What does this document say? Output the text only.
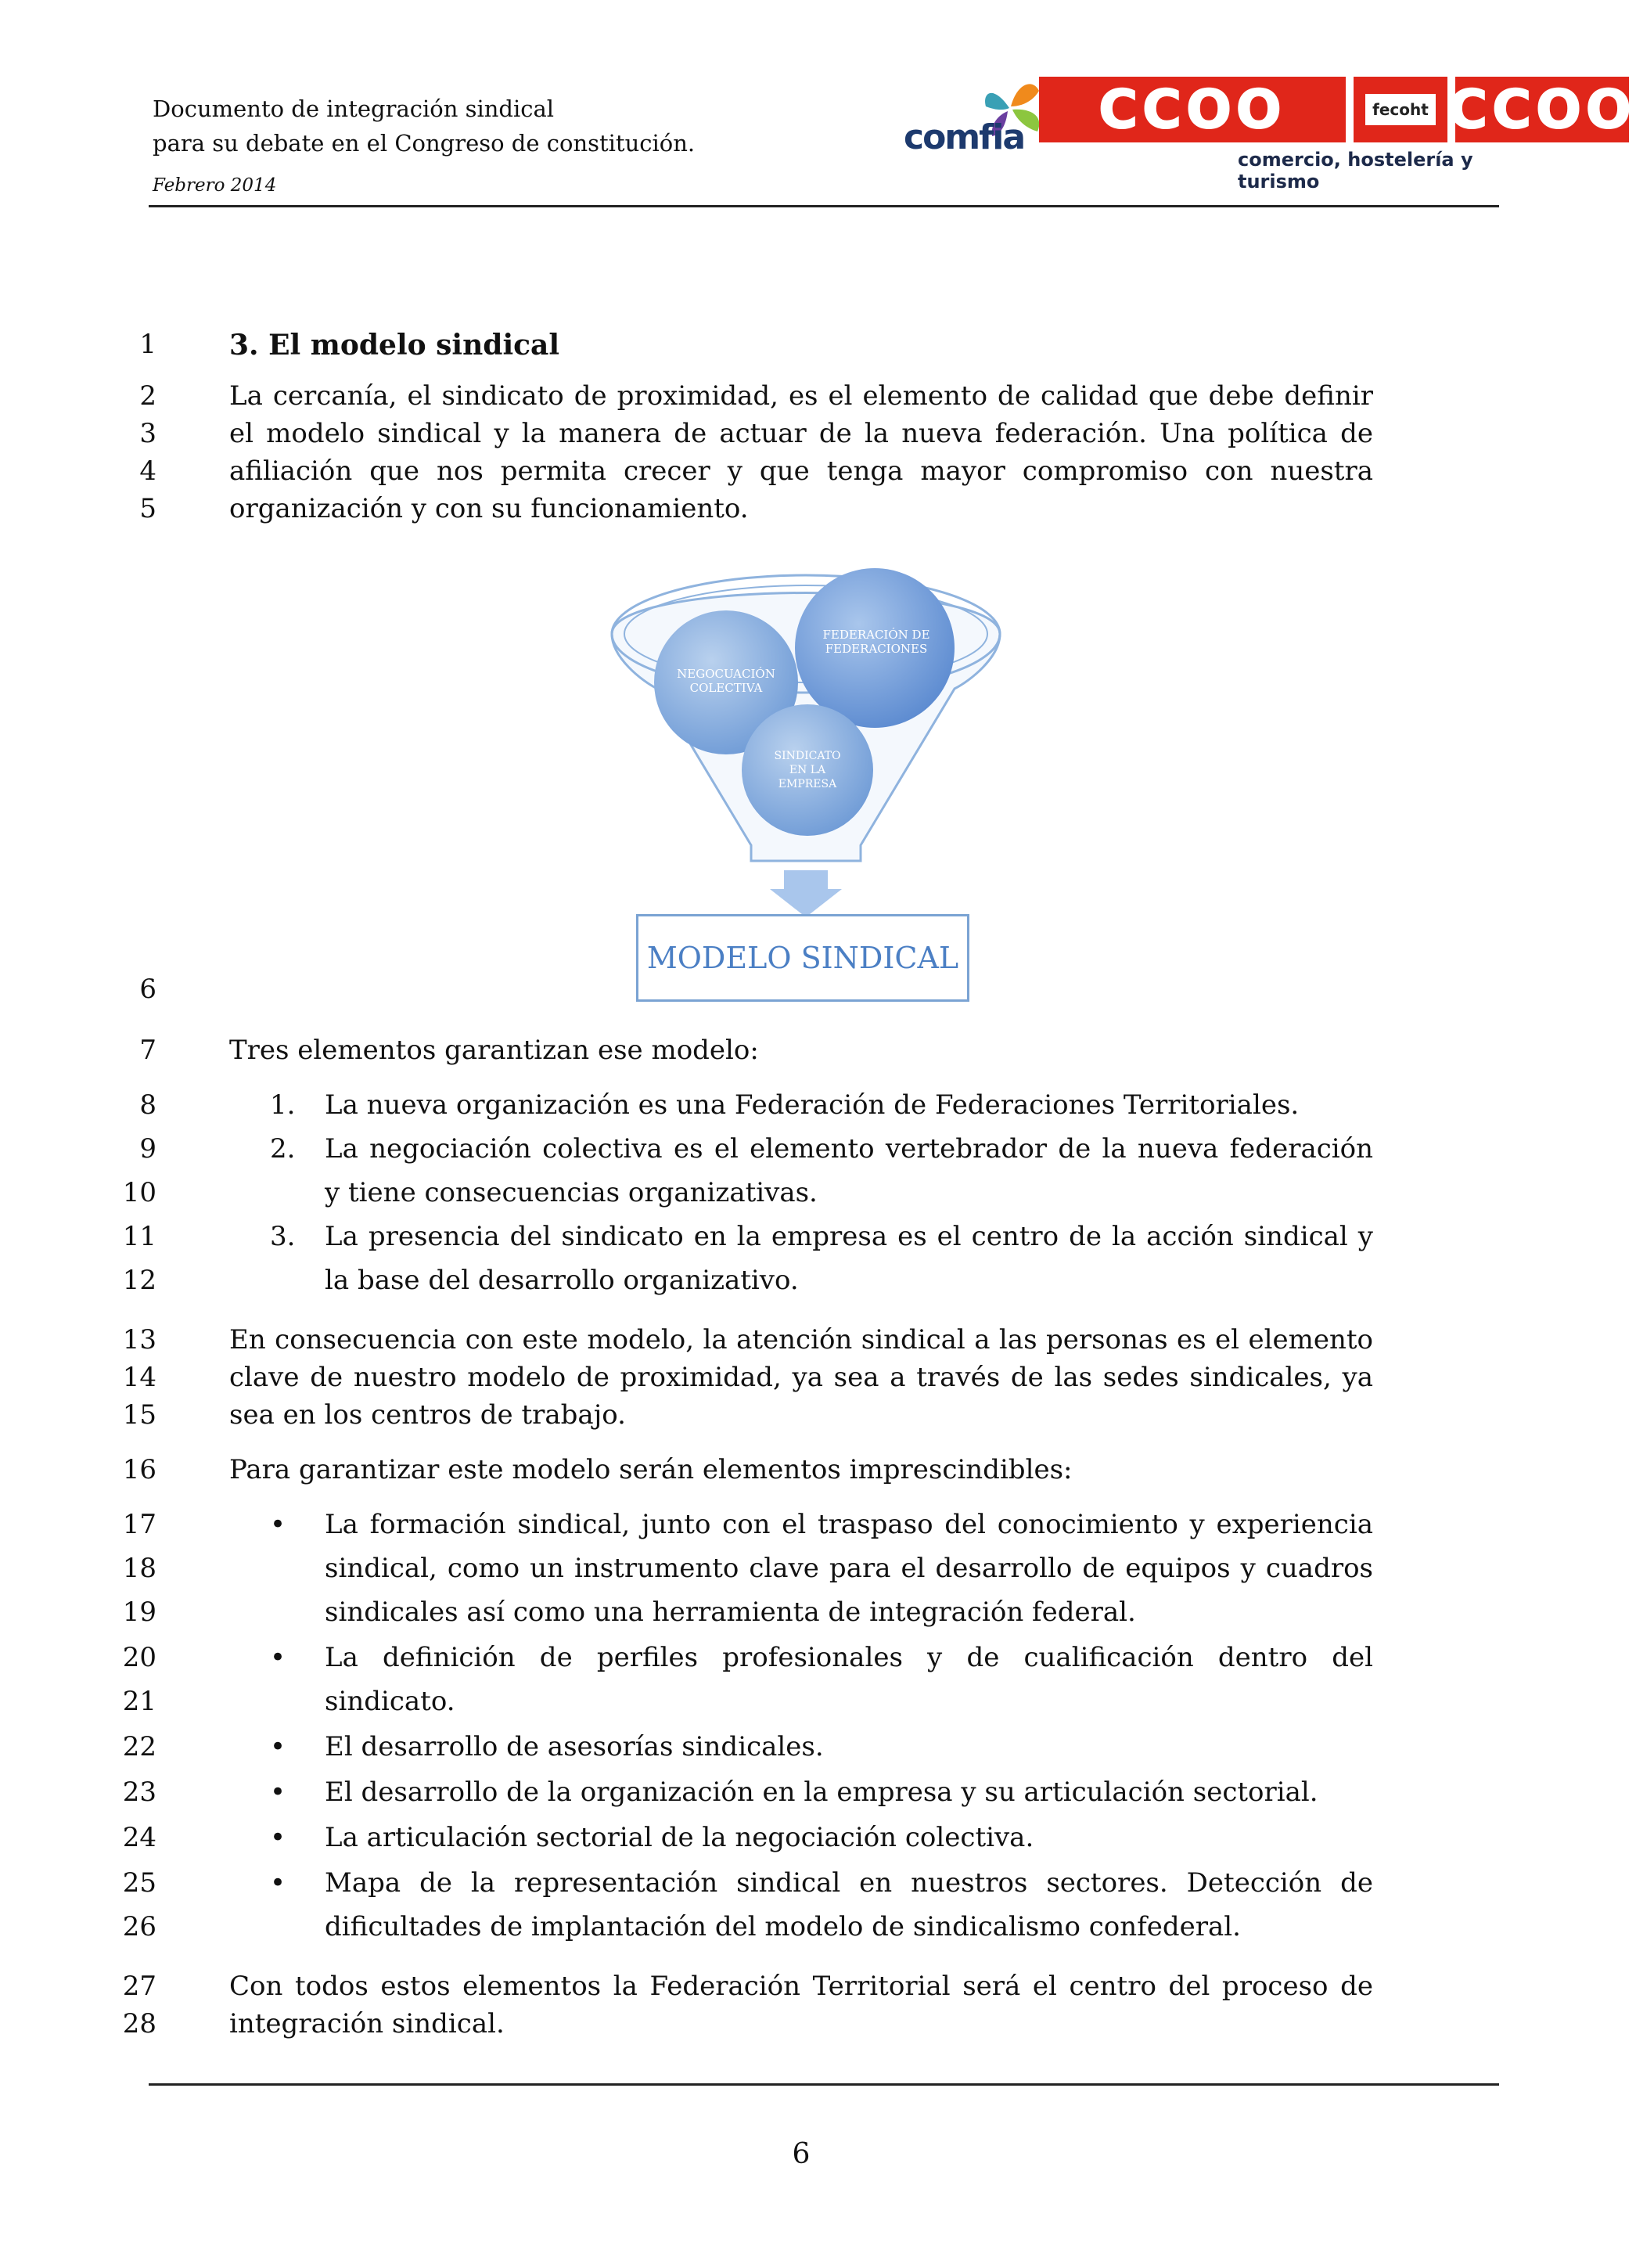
Documento de integración sindical
para su debate en el Congreso de constitución.
Febrero 2014
comfia CCOO	fecoht CCOO
comercio, hostelería y turismo
1	3. El modelo sindical
2	La cercanía, el sindicato de proximidad, es el elemento de calidad que debe definir
3	el modelo sindical y la manera de actuar de la nueva federación. Una política de
4	afiliación que nos permita crecer y que tenga mayor compromiso con nuestra
5	organización y con su funcionamiento.
NEGOCUACIÓN
COLECTIVA
FEDERACIÓN DE
FEDERACIONES
SINDICATO
EN LA
EMPRESA
MODELO SINDICAL
6
7	Tres elementos garantizan ese modelo:
8	1.	La nueva organización es una Federación de Federaciones Territoriales.
9	2.	La negociación colectiva es el elemento vertebrador de la nueva federación
10	y tiene consecuencias organizativas.
11	3.	La presencia del sindicato en la empresa es el centro de la acción sindical y
12	la base del desarrollo organizativo.
13	En consecuencia con este modelo, la atención sindical a las personas es el elemento
14	clave de nuestro modelo de proximidad, ya sea a través de las sedes sindicales, ya
15	sea en los centros de trabajo.
16	Para garantizar este modelo serán elementos imprescindibles:
17	•	La formación sindical, junto con el traspaso del conocimiento y experiencia
18	sindical, como un instrumento clave para el desarrollo de equipos y cuadros
19	sindicales así como una herramienta de integración federal.
20	•	La definición de perfiles profesionales y de cualificación dentro del
21	sindicato.
22	•	El desarrollo de asesorías sindicales.
23	•	El desarrollo de la organización en la empresa y su articulación sectorial.
24	•	La articulación sectorial de la negociación colectiva.
25	•	Mapa de la representación sindical en nuestros sectores. Detección de
26	dificultades de implantación del modelo de sindicalismo confederal.
27	Con todos estos elementos la Federación Territorial será el centro del proceso de
28	integración sindical.
6
